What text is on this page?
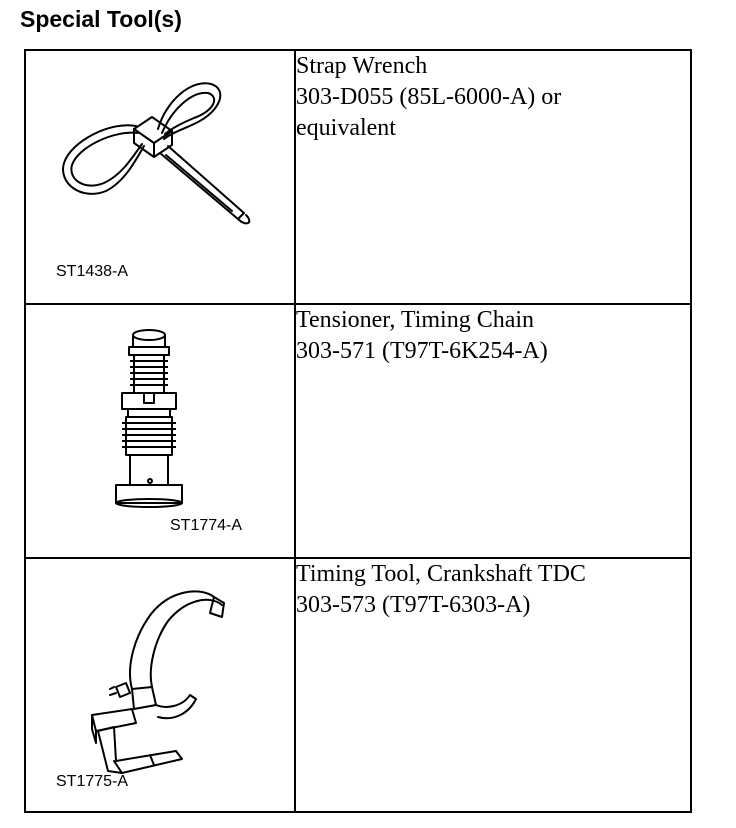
Special Tool(s)
ST1438-A	Strap Wrench
303-D055 (85L-6000-A) or
equivalent

ST1774-A	Tensioner, Timing Chain
303-571 (T97T-6K254-A)

ST1775-A	Timing Tool, Crankshaft TDC
303-573 (T97T-6303-A)
